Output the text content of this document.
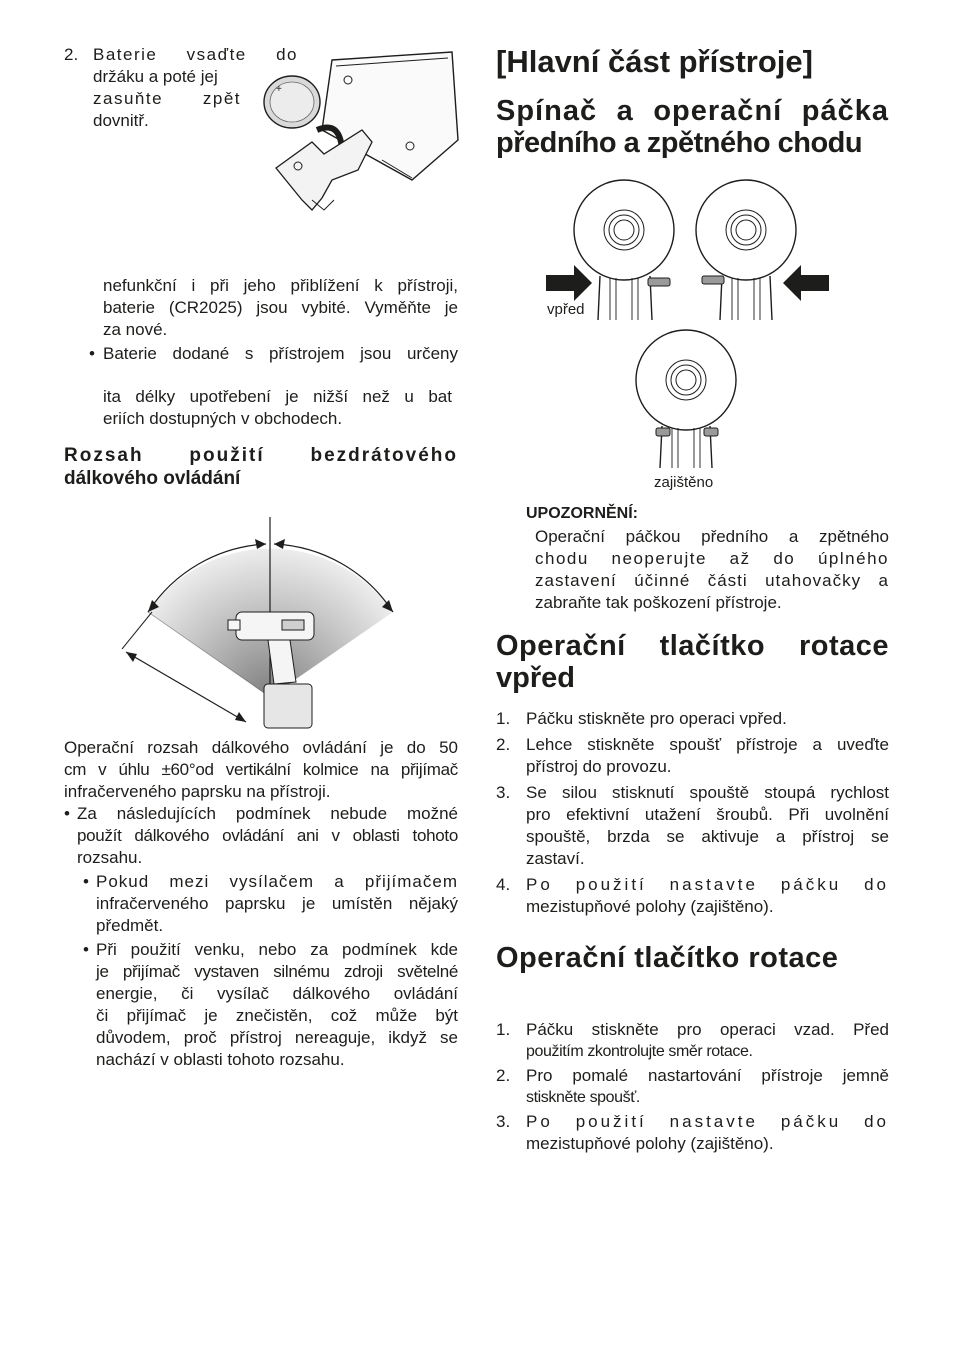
2. Baterie vsaďte do

držáku a poté jej

zasuňte zpět

dovnitř.

+

nefunkční i při jeho přiblížení k přístroji,

baterie (CR2025) jsou vybité. Vyměňte je

za nové.

• Baterie dodané s přístrojem jsou určeny

ita délky upotřebení je nižší než u bat

eriích dostupných v obchodech.

Rozsah použití bezdrátového

dálkového ovládání

Operační rozsah dálkového ovládání je do 50

cm v úhlu ±60°od vertikální kolmice na přijímač

infračerveného paprsku na přístroji.

• Za následujících podmínek nebude možné

použít dálkového ovládání ani v oblasti tohoto

rozsahu.

• Pokud mezi vysílačem a přijímačem

infračerveného paprsku je umístěn nějaký

předmět.

• Při použití venku, nebo za podmínek kde

je přijímač vystaven silnému zdroji světelné

energie, či vysílač dálkového ovládání

či přijímač je znečistěn, což může být

důvodem, proč přístroj nereaguje, ikdyž se

nachází v oblasti tohoto rozsahu.

[Hlavní část přístroje]

Spínač a operační páčka

předního a zpětného chodu

vpřed

zajištěno

UPOZORNĚNÍ:

Operační páčkou předního a zpětného

chodu neoperujte až do úplného

zastavení účinné části utahovačky a

zabraňte tak poškození přístroje.

Operační tlačítko rotace

vpřed

1. Páčku stiskněte pro operaci vpřed.

2. Lehce stiskněte spoušť přístroje a uveďte

přístroj do provozu.

3. Se silou stisknutí spouště stoupá rychlost

pro efektivní utažení šroubů. Při uvolnění

spouště, brzda se aktivuje a přístroj se

zastaví.

4. Po použití nastavte páčku do

mezistupňové polohy (zajištěno).

Operační tlačítko rotace

1. Páčku stiskněte pro operaci vzad. Před

použitím zkontrolujte směr rotace.

2. Pro pomalé nastartování přístroje jemně

stiskněte spoušť.

3. Po použití nastavte páčku do

mezistupňové polohy (zajištěno).
